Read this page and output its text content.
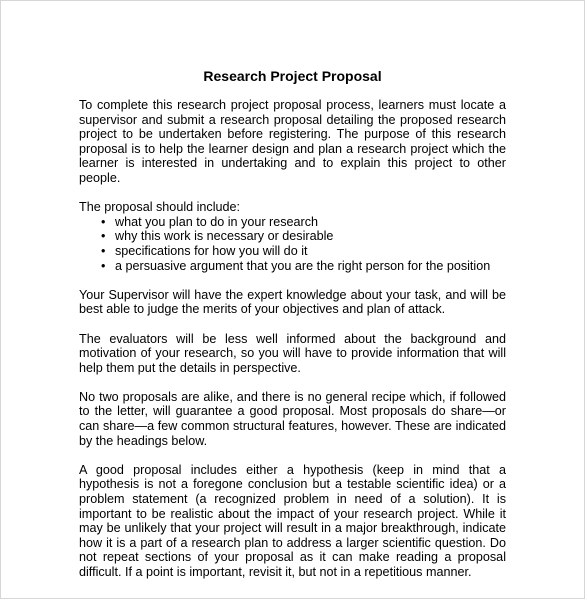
Research Project Proposal

To complete this research project proposal process, learners must locate a supervisor and submit a research proposal detailing the proposed research project to be undertaken before registering. The purpose of this research proposal is to help the learner design and plan a research project which the learner is interested in undertaking and to explain this project to other people.

The proposal should include:

• what you plan to do in your research
• why this work is necessary or desirable
• specifications for how you will do it
• a persuasive argument that you are the right person for the position

Your Supervisor will have the expert knowledge about your task, and will be best able to judge the merits of your objectives and plan of attack.

The evaluators will be less well informed about the background and motivation of your research, so you will have to provide information that will help them put the details in perspective.

No two proposals are alike, and there is no general recipe which, if followed to the letter, will guarantee a good proposal. Most proposals do share—or can share—a few common structural features, however. These are indicated by the headings below.

A good proposal includes either a hypothesis (keep in mind that a hypothesis is not a foregone conclusion but a testable scientific idea) or a problem statement (a recognized problem in need of a solution). It is important to be realistic about the impact of your research project. While it may be unlikely that your project will result in a major breakthrough, indicate how it is a part of a research plan to address a larger scientific question. Do not repeat sections of your proposal as it can make reading a proposal difficult. If a point is important, revisit it, but not in a repetitious manner.
